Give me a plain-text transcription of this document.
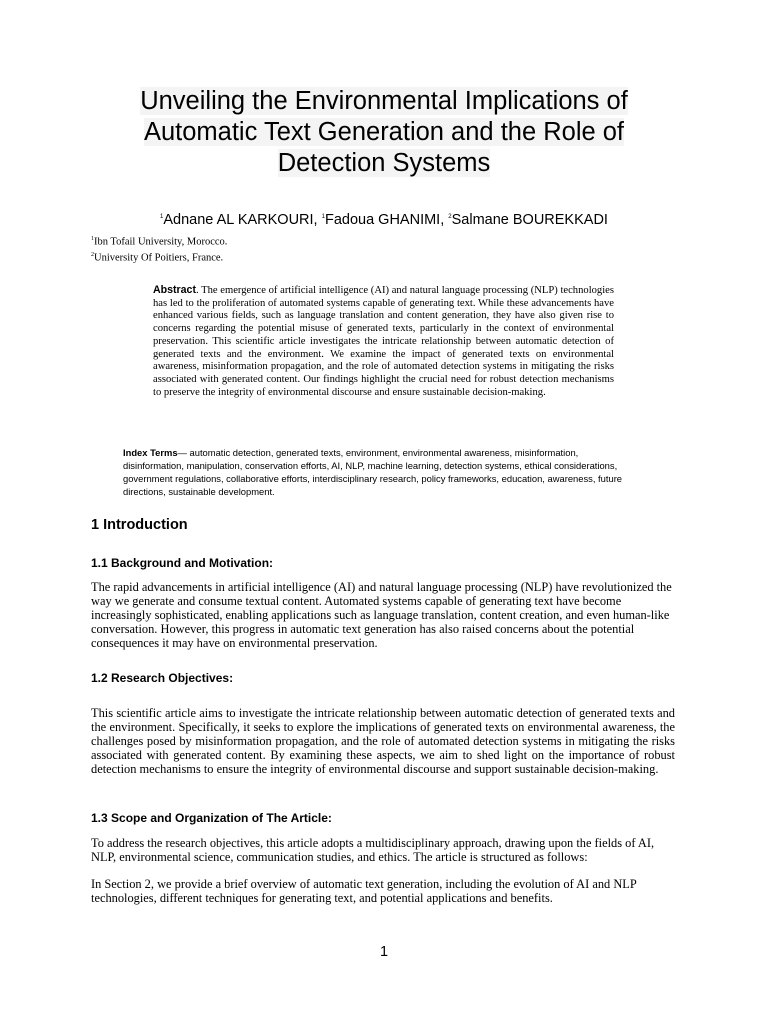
Unveiling the Environmental Implications of
Automatic Text Generation and the Role of
Detection Systems
$^1$Adnane AL KARKOURI, $^1$Fadoua GHANIMI, $^2$Salmane BOUREKKADI
$^1$Ibn Tofail University, Morocco.
$^2$University Of Poitiers, France.
Abstract. The emergence of artificial intelligence (AI) and natural language processing (NLP) technologies has led to the proliferation of automated systems capable of generating text. While these advancements have enhanced various fields, such as language translation and content generation, they have also given rise to concerns regarding the potential misuse of generated texts, particularly in the context of environmental preservation. This scientific article investigates the intricate relationship between automatic detection of generated texts and the environment. We examine the impact of generated texts on environmental awareness, misinformation propagation, and the role of automated detection systems in mitigating the risks associated with generated content. Our findings highlight the crucial need for robust detection mechanisms to preserve the integrity of environmental discourse and ensure sustainable decision-making.
Index Terms— automatic detection, generated texts, environment, environmental awareness, misinformation, disinformation, manipulation, conservation efforts, AI, NLP, machine learning, detection systems, ethical considerations, government regulations, collaborative efforts, interdisciplinary research, policy frameworks, education, awareness, future directions, sustainable development.
1 Introduction
1.1 Background and Motivation:
The rapid advancements in artificial intelligence (AI) and natural language processing (NLP) have revolutionized the way we generate and consume textual content. Automated systems capable of generating text have become increasingly sophisticated, enabling applications such as language translation, content creation, and even human-like conversation. However, this progress in automatic text generation has also raised concerns about the potential consequences it may have on environmental preservation.
1.2 Research Objectives:
This scientific article aims to investigate the intricate relationship between automatic detection of generated texts and the environment. Specifically, it seeks to explore the implications of generated texts on environmental awareness, the challenges posed by misinformation propagation, and the role of automated detection systems in mitigating the risks associated with generated content. By examining these aspects, we aim to shed light on the importance of robust detection mechanisms to ensure the integrity of environmental discourse and support sustainable decision-making.
1.3 Scope and Organization of The Article:
To address the research objectives, this article adopts a multidisciplinary approach, drawing upon the fields of AI, NLP, environmental science, communication studies, and ethics. The article is structured as follows:
In Section 2, we provide a brief overview of automatic text generation, including the evolution of AI and NLP technologies, different techniques for generating text, and potential applications and benefits.
1
